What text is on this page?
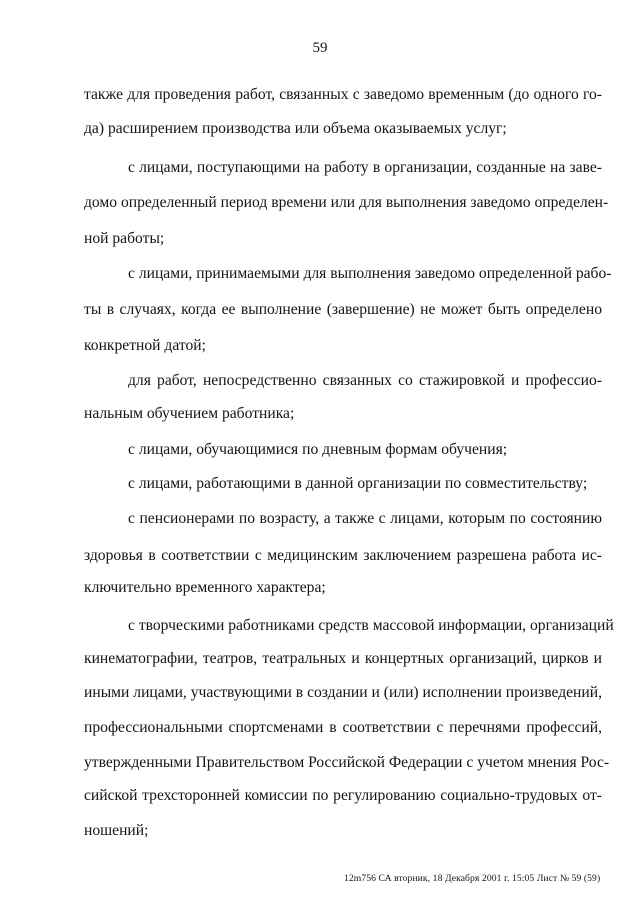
59
также для проведения работ, связанных с заведомо временным (до одного го-
да) расширением производства или объема оказываемых услуг;
с лицами, поступающими на работу в организации, созданные на заве-
домо определенный период времени или для выполнения заведомо определен-
ной работы;
с лицами, принимаемыми для выполнения заведомо определенной рабо-
ты в случаях, когда ее выполнение (завершение) не может быть определено
конкретной датой;
для работ, непосредственно связанных со стажировкой и профессио-
нальным обучением работника;
с лицами, обучающимися по дневным формам обучения;
с лицами, работающими в данной организации по совместительству;
с пенсионерами по возрасту, а также с лицами, которым по состоянию
здоровья в соответствии с медицинским заключением разрешена работа ис-
ключительно временного характера;
с творческими работниками средств массовой информации, организаций
кинематографии, театров, театральных и концертных организаций, цирков и
иными лицами, участвующими в создании и (или) исполнении произведений,
профессиональными спортсменами в соответствии с перечнями профессий,
утвержденными Правительством Российской Федерации с учетом мнения Рос-
сийской трехсторонней комиссии по регулированию социально-трудовых от-
ношений;
12m756 СА вторник, 18 Декабря 2001 г. 15:05 Лист № 59 (59)
